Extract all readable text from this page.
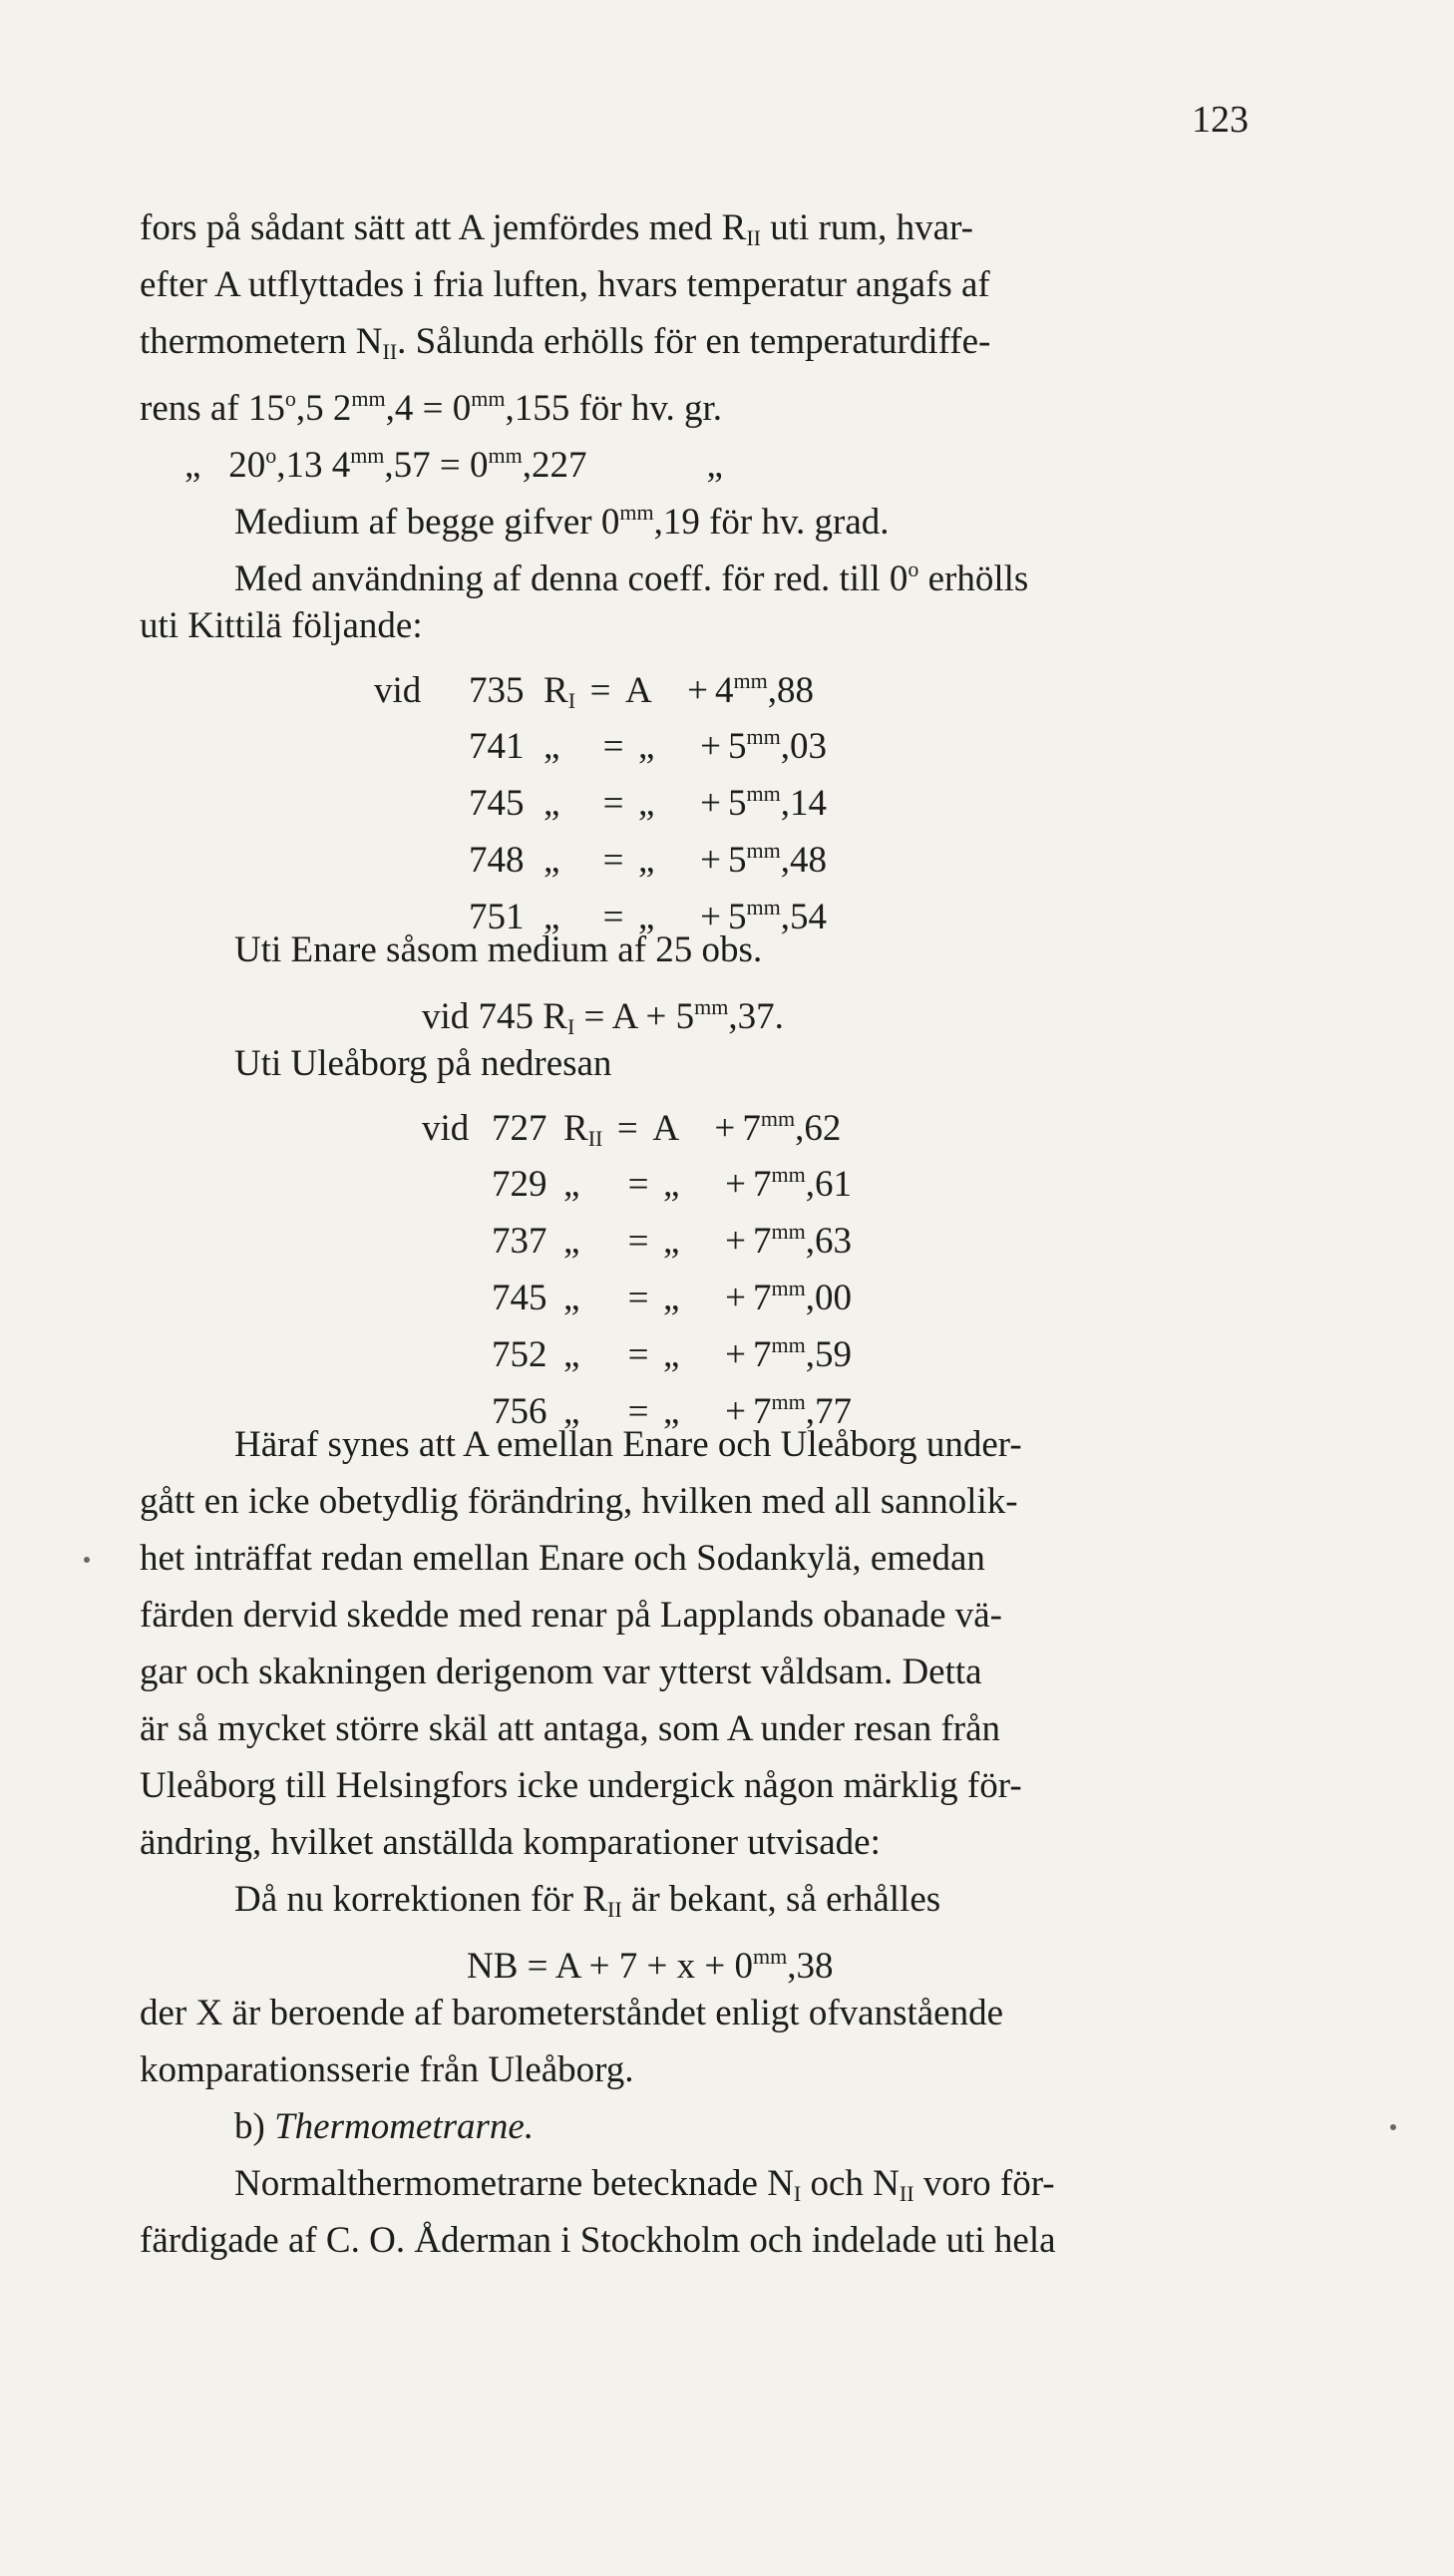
123
fors på sådant sätt att A jemfördes med $R_{II}$ uti rum, hvar-
efter A utflyttades i fria luften, hvars temperatur angafs af
thermometern $N_{II}$. Sålunda erhölls för en temperaturdiffe-
rens af 15$^o$,5 $2^{mm},4 = 0^{mm},155$ för hv. gr.
„ 20$^o$,13 $4^{mm},57 = 0^{mm},227$	„
Medium af begge gifver $0^{mm},19$ för hv. grad.
Med användning af denna coeff. för red. till 0$^o$ erhölls
uti Kittilä följande:
vid 735 RI = A + 4mm,88
741 „ = „ + 5mm,03
745 „ = „ + 5mm,14
748 „ = „ + 5mm,48
751 „ = „ + 5mm,54
Uti Enare såsom medium af 25 obs.
vid 745 $R_I = A + 5^{mm},37$.
Uti Uleåborg på nedresan
vid 727 RII = A + 7mm,62
729 „ = „ + 7mm,61
737 „ = „ + 7mm,63
745 „ = „ + 7mm,00
752 „ = „ + 7mm,59
756 „ = „ + 7mm,77
Häraf synes att A emellan Enare och Uleåborg under-
gått en icke obetydlig förändring, hvilken med all sannolik-
het inträffat redan emellan Enare och Sodankylä, emedan
färden dervid skedde med renar på Lapplands obanade vä-
gar och skakningen derigenom var ytterst våldsam. Detta
är så mycket större skäl att antaga, som A under resan från
Uleåborg till Helsingfors icke undergick någon märklig för-
ändring, hvilket anställda komparationer utvisade:
Då nu korrektionen för $R_{II}$ är bekant, så erhålles
NB = $A + 7 + x + 0^{mm},38$
der X är beroende af barometerståndet enligt ofvanstående
komparationsserie från Uleåborg.
b) Thermometrarne.
Normalthermometrarne betecknade $N_I$ och $N_{II}$ voro för-
färdigade af C. O. Åderman i Stockholm och indelade uti hela
